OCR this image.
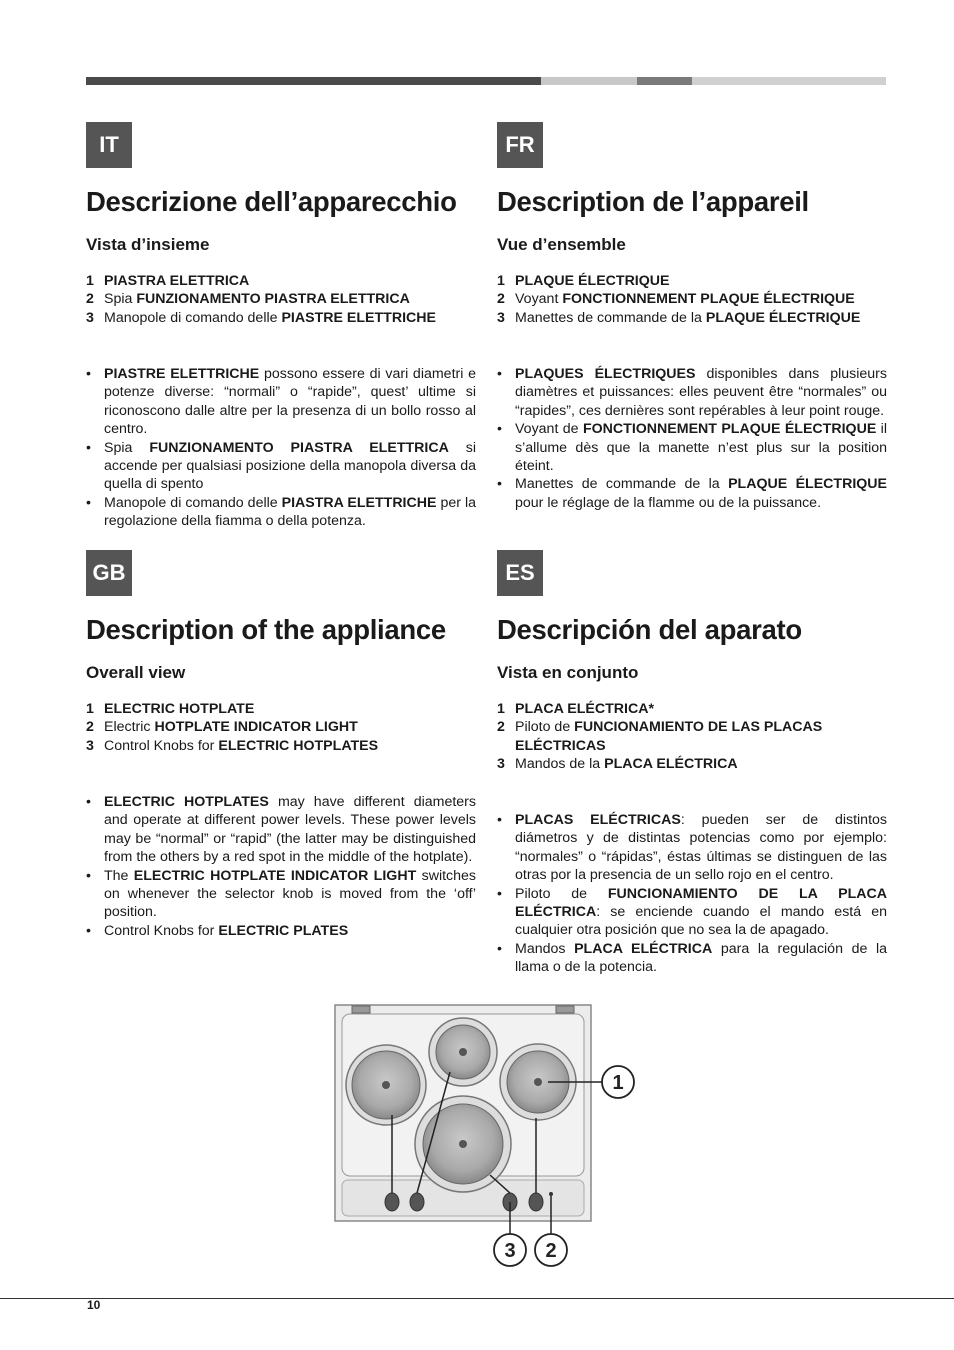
IT
Descrizione dell’apparecchio
Vista d’insieme
1 PIASTRA ELETTRICA
2 Spia FUNZIONAMENTO PIASTRA ELETTRICA
3 Manopole di comando delle PIASTRE ELETTRICHE
• PIASTRE ELETTRICHE possono essere di vari diametri e potenze diverse: “normali” o “rapide”, quest’ ultime si riconoscono dalle altre per la presenza di un bollo rosso al centro.
• Spia FUNZIONAMENTO PIASTRA ELETTRICA si accende per qualsiasi posizione della manopola diversa da quella di spento
• Manopole di comando delle PIASTRA ELETTRICHE per la regolazione della fiamma o della potenza.
FR
Description de l’appareil
Vue d’ensemble
1 PLAQUE ÉLECTRIQUE
2 Voyant FONCTIONNEMENT PLAQUE ÉLECTRIQUE
3 Manettes de commande de la PLAQUE ÉLECTRIQUE
• PLAQUES ÉLECTRIQUES disponibles dans plusieurs diamètres et puissances: elles peuvent être “normales” ou “rapides”, ces dernières sont repérables à leur point rouge.
• Voyant de FONCTIONNEMENT PLAQUE ÉLECTRIQUE il s’allume dès que la manette n’est plus sur la position éteint.
• Manettes de commande de la PLAQUE ÉLECTRIQUE pour le réglage de la flamme ou de la puissance.
GB
Description of the appliance
Overall view
1 ELECTRIC HOTPLATE
2 Electric HOTPLATE INDICATOR LIGHT
3 Control Knobs for ELECTRIC HOTPLATES
• ELECTRIC HOTPLATES may have different diameters and operate at different power levels. These power levels may be “normal” or “rapid” (the latter may be distinguished from the others by a red spot in the middle of the hotplate).
• The ELECTRIC HOTPLATE INDICATOR LIGHT switches on whenever the selector knob is moved from the ‘off’ position.
• Control Knobs for ELECTRIC PLATES
ES
Descripción del aparato
Vista en conjunto
1 PLACA ELÉCTRICA*
2 Piloto de FUNCIONAMIENTO DE LAS PLACAS ELÉCTRICAS
3 Mandos de la PLACA ELÉCTRICA
• PLACAS ELÉCTRICAS: pueden ser de distintos diámetros y de distintas potencias como por ejemplo: “normales” o “rápidas”, éstas últimas se distinguen de las otras por la presencia de un sello rojo en el centro.
• Piloto de FUNCIONAMIENTO DE LA PLACA ELÉCTRICA: se enciende cuando el mando está en cualquier otra posición que no sea la de apagado.
• Mandos PLACA ELÉCTRICA para la regulación de la llama o de la potencia.
1
3 2
10
